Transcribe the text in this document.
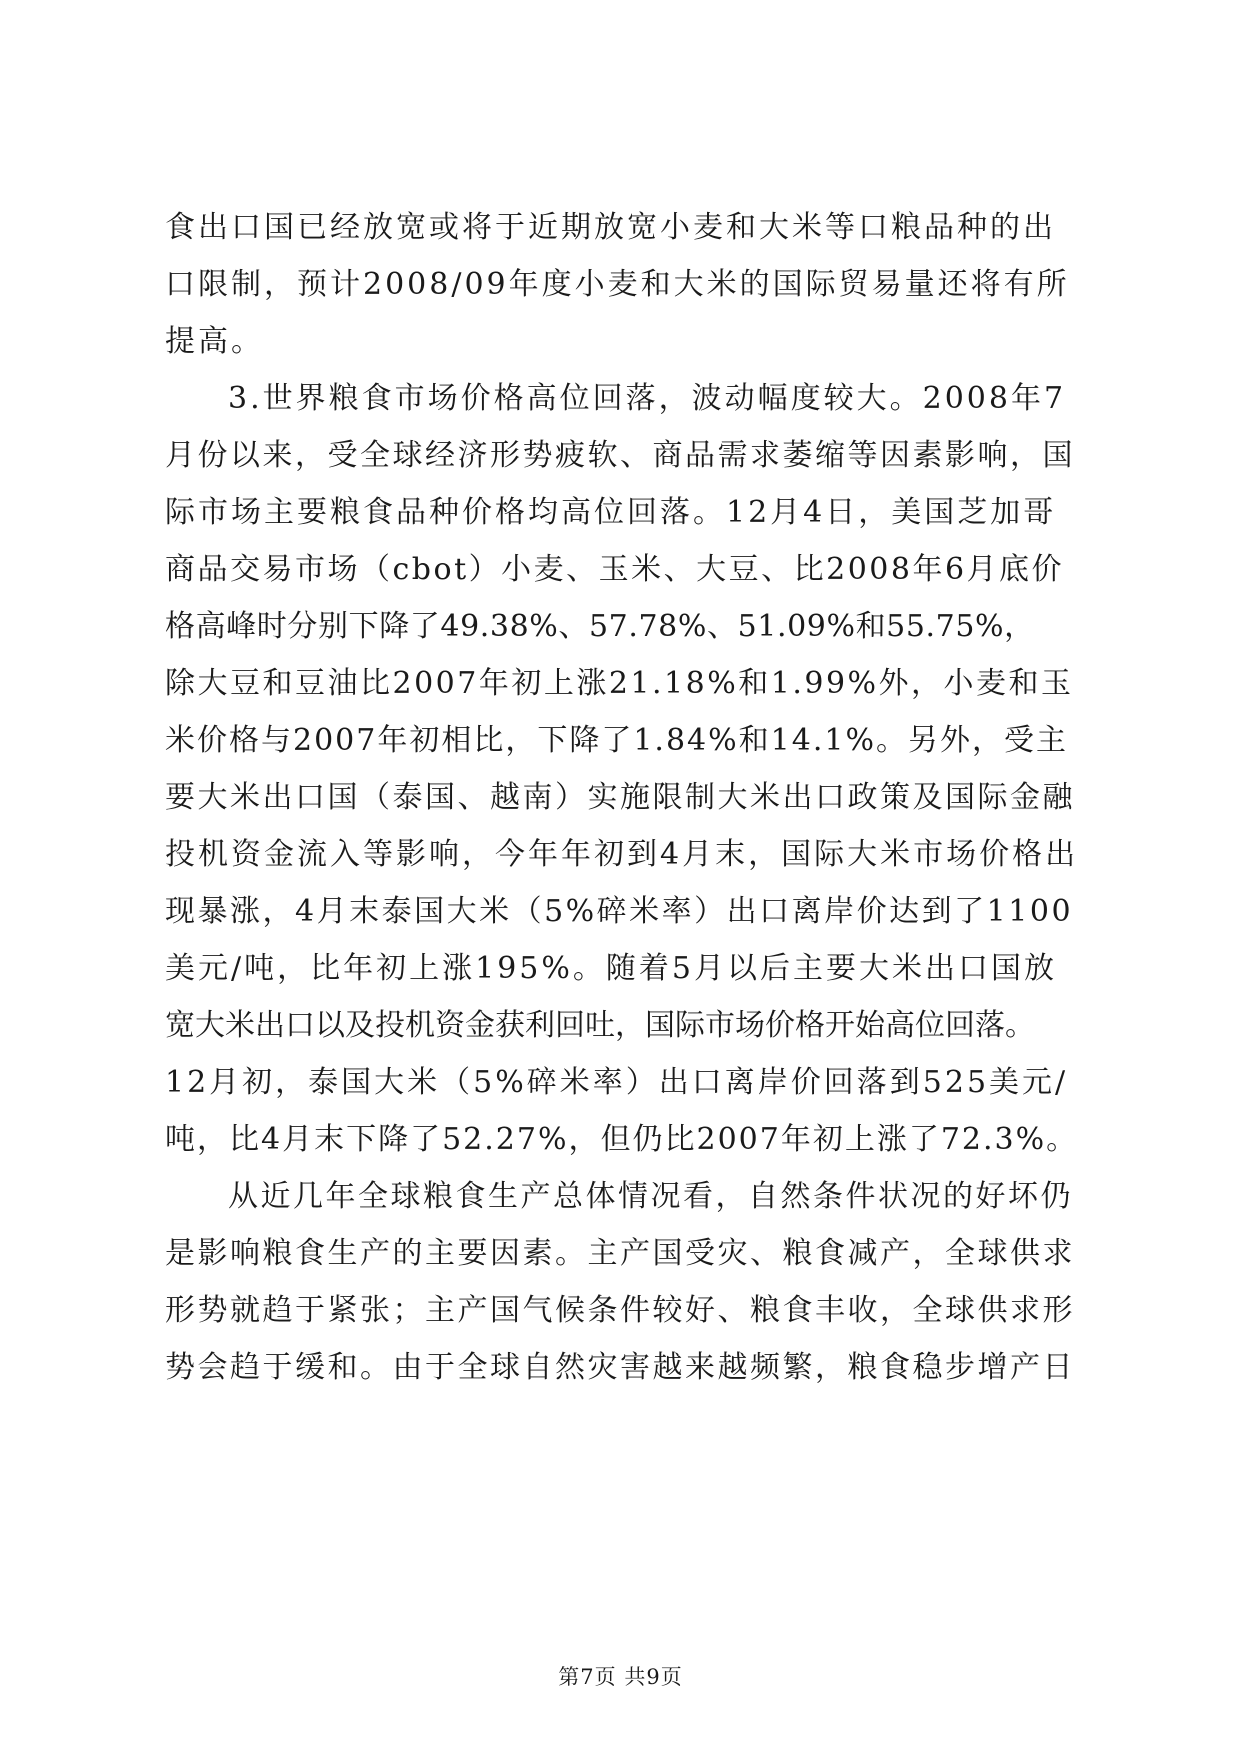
食出口国已经放宽或将于近期放宽小麦和大米等口粮品种的出
口限制，预计2008/09年度小麦和大米的国际贸易量还将有所
提高。
3.世界粮食市场价格高位回落，波动幅度较大。2008年7
月份以来，受全球经济形势疲软、商品需求萎缩等因素影响，国
际市场主要粮食品种价格均高位回落。12月4日，美国芝加哥
商品交易市场（cbot）小麦、玉米、大豆、比2008年6月底价
格高峰时分别下降了49.38%、57.78%、51.09%和55.75%，
除大豆和豆油比2007年初上涨21.18%和1.99%外，小麦和玉
米价格与2007年初相比，下降了1.84%和14.1%。另外，受主
要大米出口国（泰国、越南）实施限制大米出口政策及国际金融
投机资金流入等影响，今年年初到4月末，国际大米市场价格出
现暴涨，4月末泰国大米（5%碎米率）出口离岸价达到了1100
美元/吨，比年初上涨195%。随着5月以后主要大米出口国放
宽大米出口以及投机资金获利回吐，国际市场价格开始高位回落。
12月初，泰国大米（5%碎米率）出口离岸价回落到525美元/
吨，比4月末下降了52.27%，但仍比2007年初上涨了72.3%。
从近几年全球粮食生产总体情况看，自然条件状况的好坏仍
是影响粮食生产的主要因素。主产国受灾、粮食减产，全球供求
形势就趋于紧张；主产国气候条件较好、粮食丰收，全球供求形
势会趋于缓和。由于全球自然灾害越来越频繁，粮食稳步增产日
第7页 共9页
